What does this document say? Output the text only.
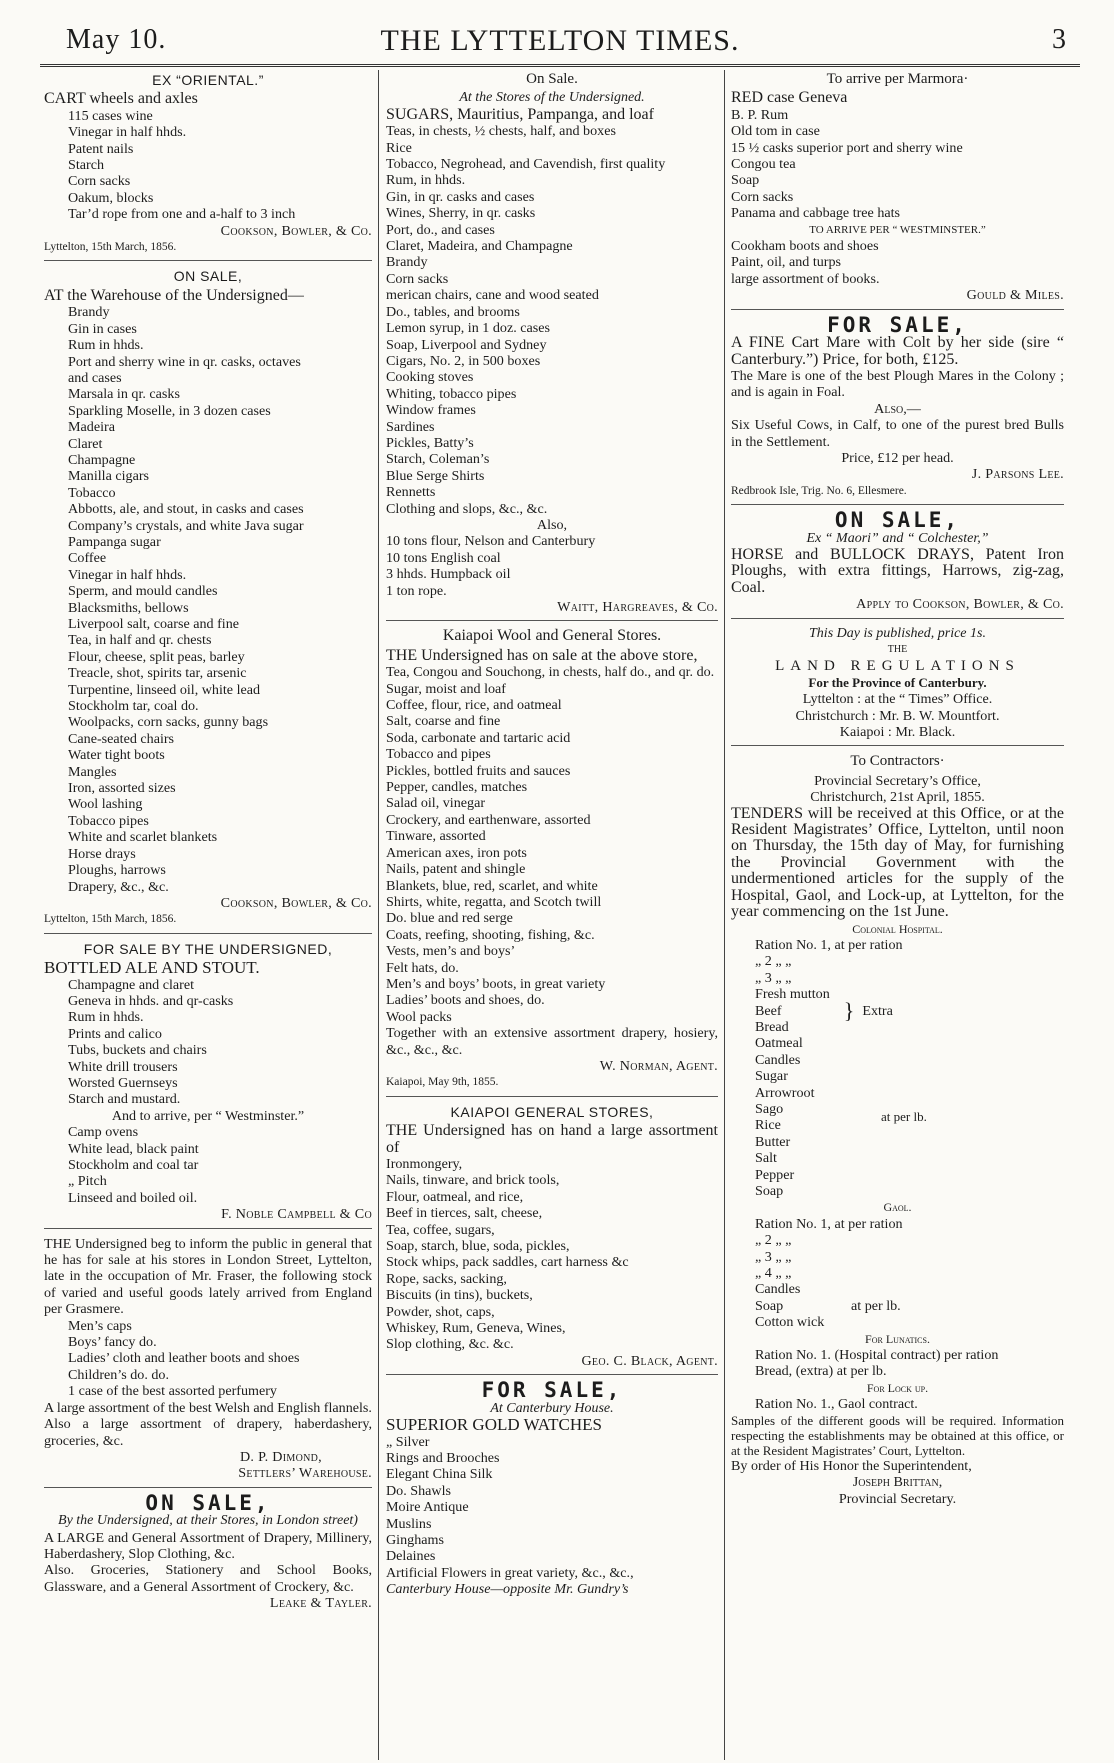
May 10.	THE LYTTELTON TIMES.	3
EX “ORIENTAL.”
CART wheels and axles
115 cases wine
Vinegar in half hhds.
Patent nails
Starch
Corn sacks
Oakum, blocks
Tar’d rope from one and a-half to 3 inch
Cookson, Bowler, & Co.
Lyttelton, 15th March, 1856.
ON SALE,
AT the Warehouse of the Undersigned—
Brandy
Gin in cases
Rum in hhds.
Port and sherry wine in qr. casks, octaves
and cases
Marsala in qr. casks
Sparkling Moselle, in 3 dozen cases
Madeira
Claret
Champagne
Manilla cigars
Tobacco
Abbotts, ale, and stout, in casks and cases
Company’s crystals, and white Java sugar
Pampanga sugar
Coffee
Vinegar in half hhds.
Sperm, and mould candles
Blacksmiths, bellows
Liverpool salt, coarse and fine
Tea, in half and qr. chests
Flour, cheese, split peas, barley
Treacle, shot, spirits tar, arsenic
Turpentine, linseed oil, white lead
Stockholm tar, coal do.
Woolpacks, corn sacks, gunny bags
Cane-seated chairs
Water tight boots
Mangles
Iron, assorted sizes
Wool lashing
Tobacco pipes
White and scarlet blankets
Horse drays
Ploughs, harrows
Drapery, &c., &c.
Cookson, Bowler, & Co.
Lyttelton, 15th March, 1856.
FOR SALE BY THE UNDERSIGNED,
BOTTLED ALE AND STOUT.
Champagne and claret
Geneva in hhds. and qr-casks
Rum in hhds.
Prints and calico
Tubs, buckets and chairs
White drill trousers
Worsted Guernseys
Starch and mustard.
And to arrive, per “ Westminster.”
Camp ovens
White lead, black paint
Stockholm and coal tar
„ Pitch
Linseed and boiled oil.
F. Noble Campbell & Co
THE Undersigned beg to inform the public in general that he has for sale at his stores in London Street, Lyttelton, late in the occupation of Mr. Fraser, the following stock of varied and useful goods lately arrived from England per Grasmere.
Men’s caps
Boys’ fancy do.
Ladies’ cloth and leather boots and shoes
Children’s do. do.
1 case of the best assorted perfumery
A large assortment of the best Welsh and English flannels.
Also a large assortment of drapery, haberdashery, groceries, &c.
D. P. Dimond,
Settlers’ Warehouse.
ON SALE,
By the Undersigned, at their Stores, in London street)
A LARGE and General Assortment of Drapery, Millinery, Haberdashery, Slop Clothing, &c.
Also. Groceries, Stationery and School Books, Glassware, and a General Assortment of Crockery, &c.
Leake & Tayler.
On Sale.
At the Stores of the Undersigned.
SUGARS, Mauritius, Pampanga, and loaf
Teas, in chests, ½ chests, half, and boxes
Rice
Tobacco, Negrohead, and Cavendish, first quality
Rum, in hhds.
Gin, in qr. casks and cases
Wines, Sherry, in qr. casks
Port, do., and cases
Claret, Madeira, and Champagne
Brandy
Corn sacks
merican chairs, cane and wood seated
Do., tables, and brooms
Lemon syrup, in 1 doz. cases
Soap, Liverpool and Sydney
Cigars, No. 2, in 500 boxes
Cooking stoves
Whiting, tobacco pipes
Window frames
Sardines
Pickles, Batty’s
Starch, Coleman’s
Blue Serge Shirts
Rennetts
Clothing and slops, &c., &c.
Also,
10 tons flour, Nelson and Canterbury
10 tons English coal
3 hhds. Humpback oil
1 ton rope.
Waitt, Hargreaves, & Co.
Kaiapoi Wool and General Stores.
THE Undersigned has on sale at the above store,
Tea, Congou and Souchong, in chests, half do., and qr. do.
Sugar, moist and loaf
Coffee, flour, rice, and oatmeal
Salt, coarse and fine
Soda, carbonate and tartaric acid
Tobacco and pipes
Pickles, bottled fruits and sauces
Pepper, candles, matches
Salad oil, vinegar
Crockery, and earthenware, assorted
Tinware, assorted
American axes, iron pots
Nails, patent and shingle
Blankets, blue, red, scarlet, and white
Shirts, white, regatta, and Scotch twill
Do. blue and red serge
Coats, reefing, shooting, fishing, &c.
Vests, men’s and boys’
Felt hats, do.
Men’s and boys’ boots, in great variety
Ladies’ boots and shoes, do.
Wool packs
Together with an extensive assortment drapery, hosiery, &c., &c., &c.
W. Norman, Agent.
Kaiapoi, May 9th, 1855.
KAIAPOI GENERAL STORES,
THE Undersigned has on hand a large assortment of
Ironmongery,
Nails, tinware, and brick tools,
Flour, oatmeal, and rice,
Beef in tierces, salt, cheese,
Tea, coffee, sugars,
Soap, starch, blue, soda, pickles,
Stock whips, pack saddles, cart harness &c
Rope, sacks, sacking,
Biscuits (in tins), buckets,
Powder, shot, caps,
Whiskey, Rum, Geneva, Wines,
Slop clothing, &c. &c.
Geo. C. Black, Agent.
FOR SALE,
At Canterbury House.
SUPERIOR GOLD WATCHES
„ Silver
Rings and Brooches
Elegant China Silk
Do. Shawls
Moire Antique
Muslins
Ginghams
Delaines
Artificial Flowers in great variety, &c., &c.,
Canterbury House—opposite Mr. Gundry’s
To arrive per Marmora·
RED case Geneva
B. P. Rum
Old tom in case
15 ½ casks superior port and sherry wine
Congou tea
Soap
Corn sacks
Panama and cabbage tree hats
TO ARRIVE PER “ WESTMINSTER.”
Cookham boots and shoes
Paint, oil, and turps
large assortment of books.
Gould & Miles.
FOR SALE,
A FINE Cart Mare with Colt by her side (sire “ Canterbury.”) Price, for both, £125.
The Mare is one of the best Plough Mares in the Colony ; and is again in Foal.
Also,—
Six Useful Cows, in Calf, to one of the purest bred Bulls in the Settlement.
Price, £12 per head.
J. Parsons Lee.
Redbrook Isle, Trig. No. 6, Ellesmere.
ON SALE,
Ex “ Maori” and “ Colchester,”
HORSE and BULLOCK DRAYS, Patent Iron Ploughs, with extra fittings, Harrows, zig-zag, Coal.
Apply to Cookson, Bowler, & Co.
This Day is published, price 1s.
THE
LAND REGULATIONS
For the Province of Canterbury.
Lyttelton : at the “ Times” Office.
Christchurch : Mr. B. W. Mountfort.
Kaiapoi : Mr. Black.
To Contractors·
Provincial Secretary’s Office,
Christchurch, 21st April, 1855.
TENDERS will be received at this Office, or at the Resident Magistrates’ Office, Lyttelton, until noon on Thursday, the 15th day of May, for furnishing the Provincial Government with the undermentioned articles for the supply of the Hospital, Gaol, and Lock-up, at Lyttelton, for the year commencing on the 1st June.
Colonial Hospital.
Ration No. 1, at per ration
„ 2 „ „
„ 3 „ „
Fresh mutton
Beef
Bread
} Extra
Oatmeal
Candles
Sugar
Arrowroot
Sago
Rice
Butter
Salt
Pepper
Soap
at per lb.
Gaol.
Ration No. 1, at per ration
„ 2 „ „
„ 3 „ „
„ 4 „ „
Candles
Soap
Cotton wick
at per lb.
For Lunatics.
Ration No. 1. (Hospital contract) per ration
Bread, (extra) at per lb.
For Lock up.
Ration No. 1., Gaol contract.
Samples of the different goods will be required. Information respecting the establishments may be obtained at this office, or at the Resident Magistrates’ Court, Lyttelton.
By order of His Honor the Superintendent,
Joseph Brittan,
Provincial Secretary.
